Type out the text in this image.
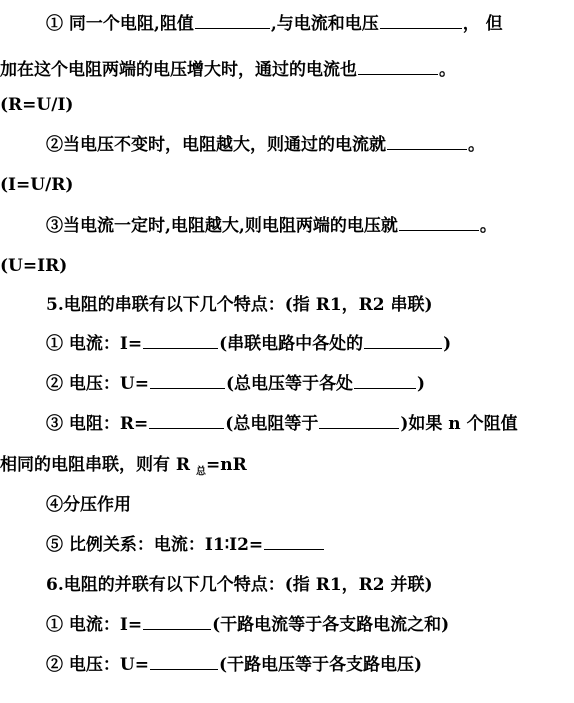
① 同一个电阻,阻值	,与电流和电压	， 但
加在这个电阻两端的电压增大时，通过的电流也	。
(R=U/I)
②当电压不变时，电阻越大，则通过的电流就	。
(I=U/R)
③当电流一定时,电阻越大,则电阻两端的电压就	。
(U=IR)
5.电阻的串联有以下几个特点：(指 R1，R2 串联)
① 电流：I=	(串联电路中各处的	)
② 电压：U=	(总电压等于各处	)
③ 电阻：R=	(总电阻等于	)如果 n 个阻值
相同的电阻串联，则有 R $_总$=nR
④分压作用
⑤ 比例关系：电流：I1∶I2=
6.电阻的并联有以下几个特点：(指 R1，R2 并联)
① 电流：I=	(干路电流等于各支路电流之和)
② 电压：U=	(干路电压等于各支路电压)
